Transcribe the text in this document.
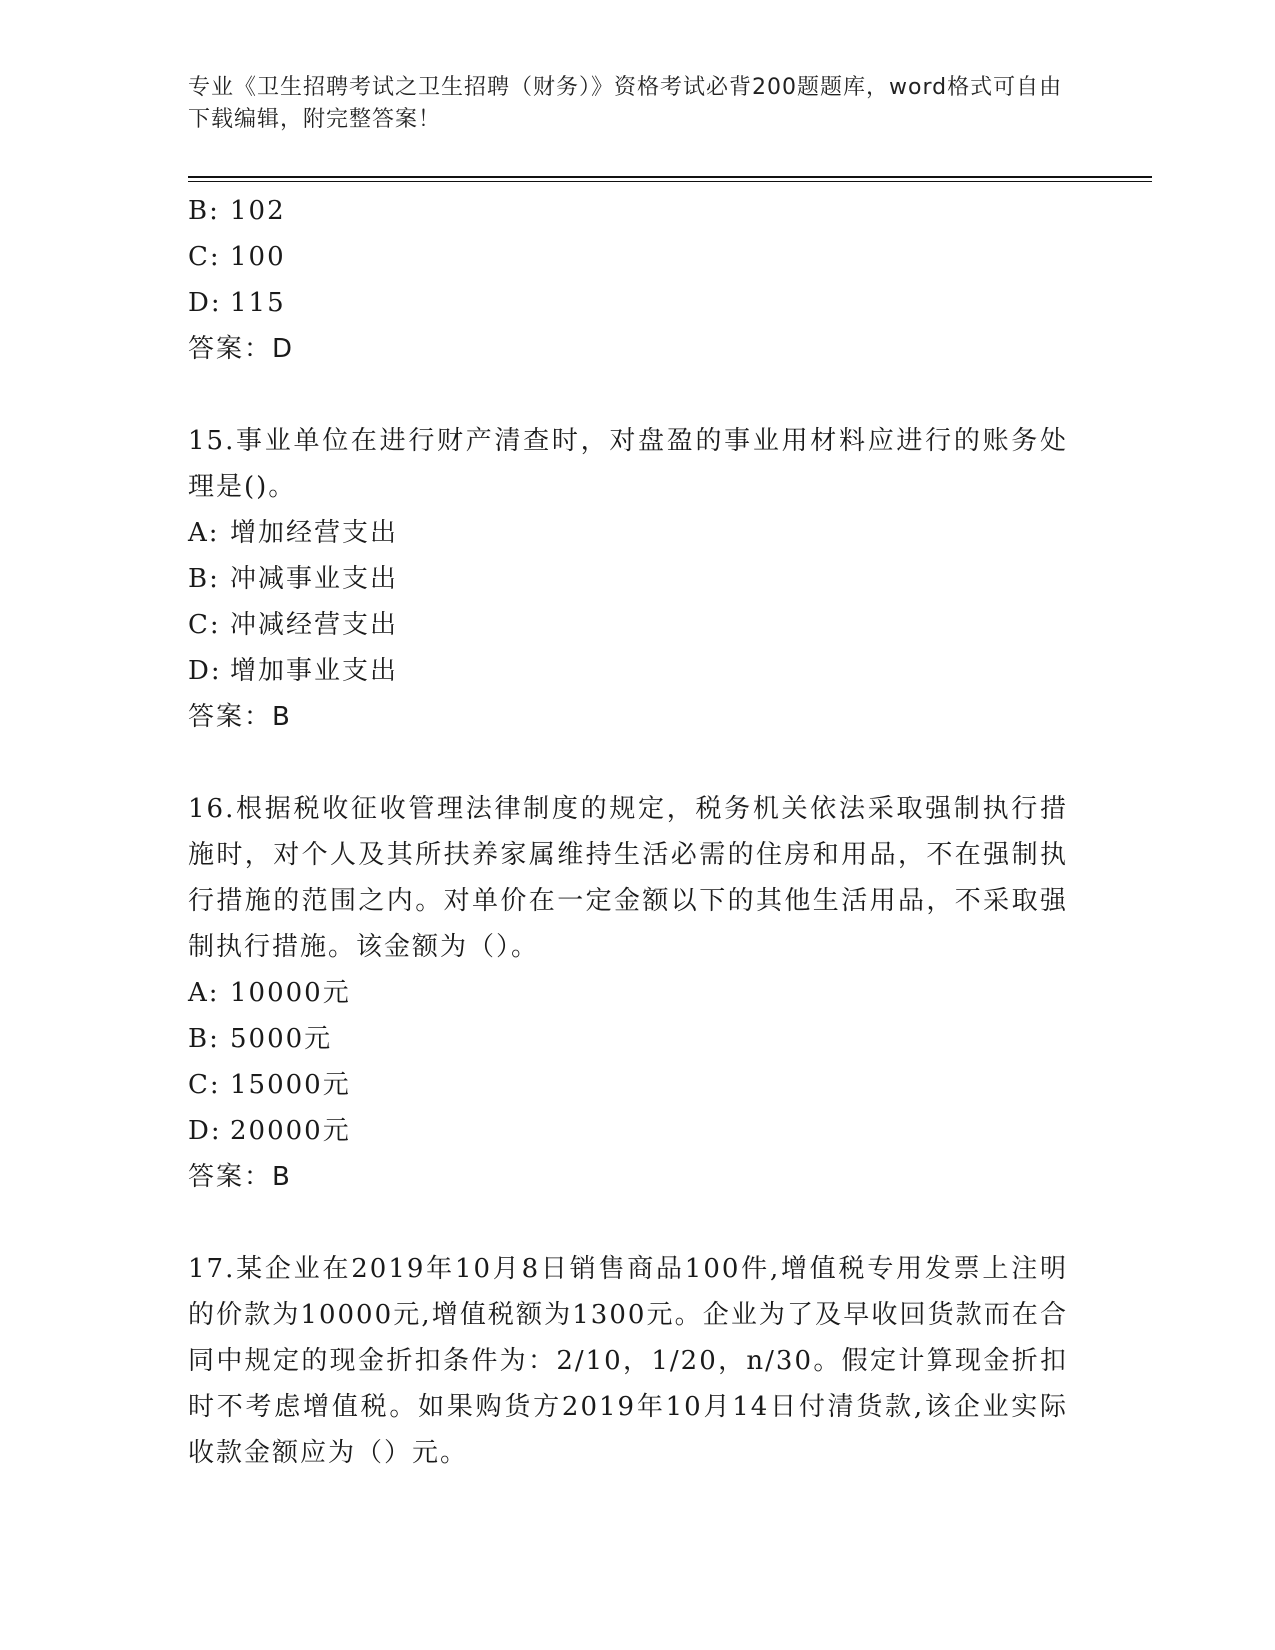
专业《卫生招聘考试之卫生招聘（财务）》资格考试必背200题题库，word格式可自由下载编辑，附完整答案！
B: 102
C: 100
D: 115
答案：D
15.事业单位在进行财产清查时，对盘盈的事业用材料应进行的账务处理是()。
A: 增加经营支出
B: 冲减事业支出
C: 冲减经营支出
D: 增加事业支出
答案：B
16.根据税收征收管理法律制度的规定，税务机关依法采取强制执行措施时，对个人及其所扶养家属维持生活必需的住房和用品，不在强制执行措施的范围之内。对单价在一定金额以下的其他生活用品，不采取强制执行措施。该金额为（）。
A: 10000元
B: 5000元
C: 15000元
D: 20000元
答案：B
17.某企业在2019年10月8日销售商品100件,增值税专用发票上注明的价款为10000元,增值税额为1300元。企业为了及早收回货款而在合同中规定的现金折扣条件为：2/10，1/20，n/30。假定计算现金折扣时不考虑增值税。如果购货方2019年10月14日付清货款,该企业实际收款金额应为（）元。
